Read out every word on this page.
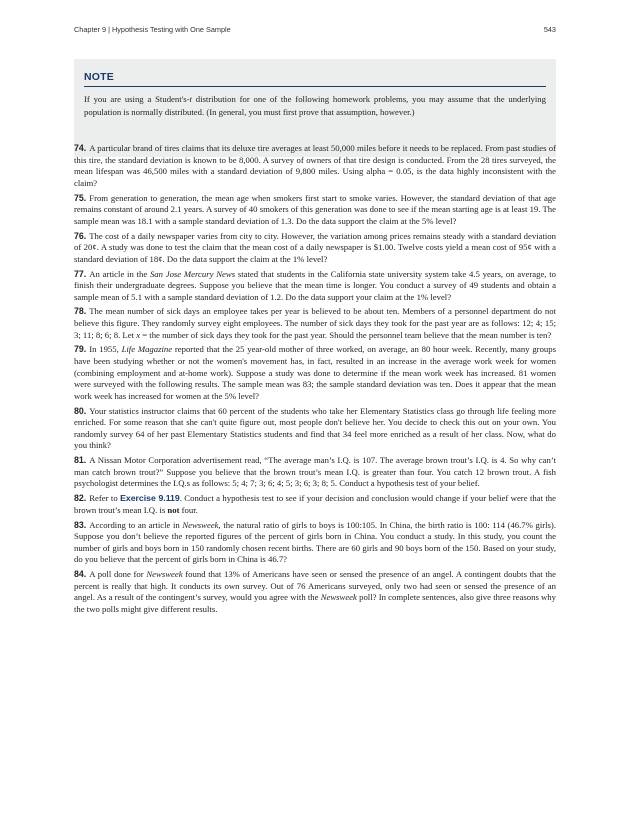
Chapter 9 | Hypothesis Testing with One Sample	543
NOTE
If you are using a Student's-t distribution for one of the following homework problems, you may assume that the underlying population is normally distributed. (In general, you must first prove that assumption, however.)

74. A particular brand of tires claims that its deluxe tire averages at least 50,000 miles before it needs to be replaced. From past studies of this tire, the standard deviation is known to be 8,000. A survey of owners of that tire design is conducted. From the 28 tires surveyed, the mean lifespan was 46,500 miles with a standard deviation of 9,800 miles. Using alpha = 0.05, is the data highly inconsistent with the claim?

75. From generation to generation, the mean age when smokers first start to smoke varies. However, the standard deviation of that age remains constant of around 2.1 years. A survey of 40 smokers of this generation was done to see if the mean starting age is at least 19. The sample mean was 18.1 with a sample standard deviation of 1.3. Do the data support the claim at the 5% level?

76. The cost of a daily newspaper varies from city to city. However, the variation among prices remains steady with a standard deviation of 20¢. A study was done to test the claim that the mean cost of a daily newspaper is $1.00. Twelve costs yield a mean cost of 95¢ with a standard deviation of 18¢. Do the data support the claim at the 1% level?

77. An article in the San Jose Mercury News stated that students in the California state university system take 4.5 years, on average, to finish their undergraduate degrees. Suppose you believe that the mean time is longer. You conduct a survey of 49 students and obtain a sample mean of 5.1 with a sample standard deviation of 1.2. Do the data support your claim at the 1% level?

78. The mean number of sick days an employee takes per year is believed to be about ten. Members of a personnel department do not believe this figure. They randomly survey eight employees. The number of sick days they took for the past year are as follows: 12; 4; 15; 3; 11; 8; 6; 8. Let x = the number of sick days they took for the past year. Should the personnel team believe that the mean number is ten?

79. In 1955, Life Magazine reported that the 25 year-old mother of three worked, on average, an 80 hour week. Recently, many groups have been studying whether or not the women's movement has, in fact, resulted in an increase in the average work week for women (combining employment and at-home work). Suppose a study was done to determine if the mean work week has increased. 81 women were surveyed with the following results. The sample mean was 83; the sample standard deviation was ten. Does it appear that the mean work week has increased for women at the 5% level?

80. Your statistics instructor claims that 60 percent of the students who take her Elementary Statistics class go through life feeling more enriched. For some reason that she can't quite figure out, most people don't believe her. You decide to check this out on your own. You randomly survey 64 of her past Elementary Statistics students and find that 34 feel more enriched as a result of her class. Now, what do you think?

81. A Nissan Motor Corporation advertisement read, “The average man’s I.Q. is 107. The average brown trout’s I.Q. is 4. So why can’t man catch brown trout?” Suppose you believe that the brown trout’s mean I.Q. is greater than four. You catch 12 brown trout. A fish psychologist determines the I.Q.s as follows: 5; 4; 7; 3; 6; 4; 5; 3; 6; 3; 8; 5. Conduct a hypothesis test of your belief.

82. Refer to Exercise 9.119. Conduct a hypothesis test to see if your decision and conclusion would change if your belief were that the brown trout’s mean I.Q. is not four.

83. According to an article in Newsweek, the natural ratio of girls to boys is 100:105. In China, the birth ratio is 100: 114 (46.7% girls). Suppose you don’t believe the reported figures of the percent of girls born in China. You conduct a study. In this study, you count the number of girls and boys born in 150 randomly chosen recent births. There are 60 girls and 90 boys born of the 150. Based on your study, do you believe that the percent of girls born in China is 46.7?

84. A poll done for Newsweek found that 13% of Americans have seen or sensed the presence of an angel. A contingent doubts that the percent is really that high. It conducts its own survey. Out of 76 Americans surveyed, only two had seen or sensed the presence of an angel. As a result of the contingent’s survey, would you agree with the Newsweek poll? In complete sentences, also give three reasons why the two polls might give different results.
